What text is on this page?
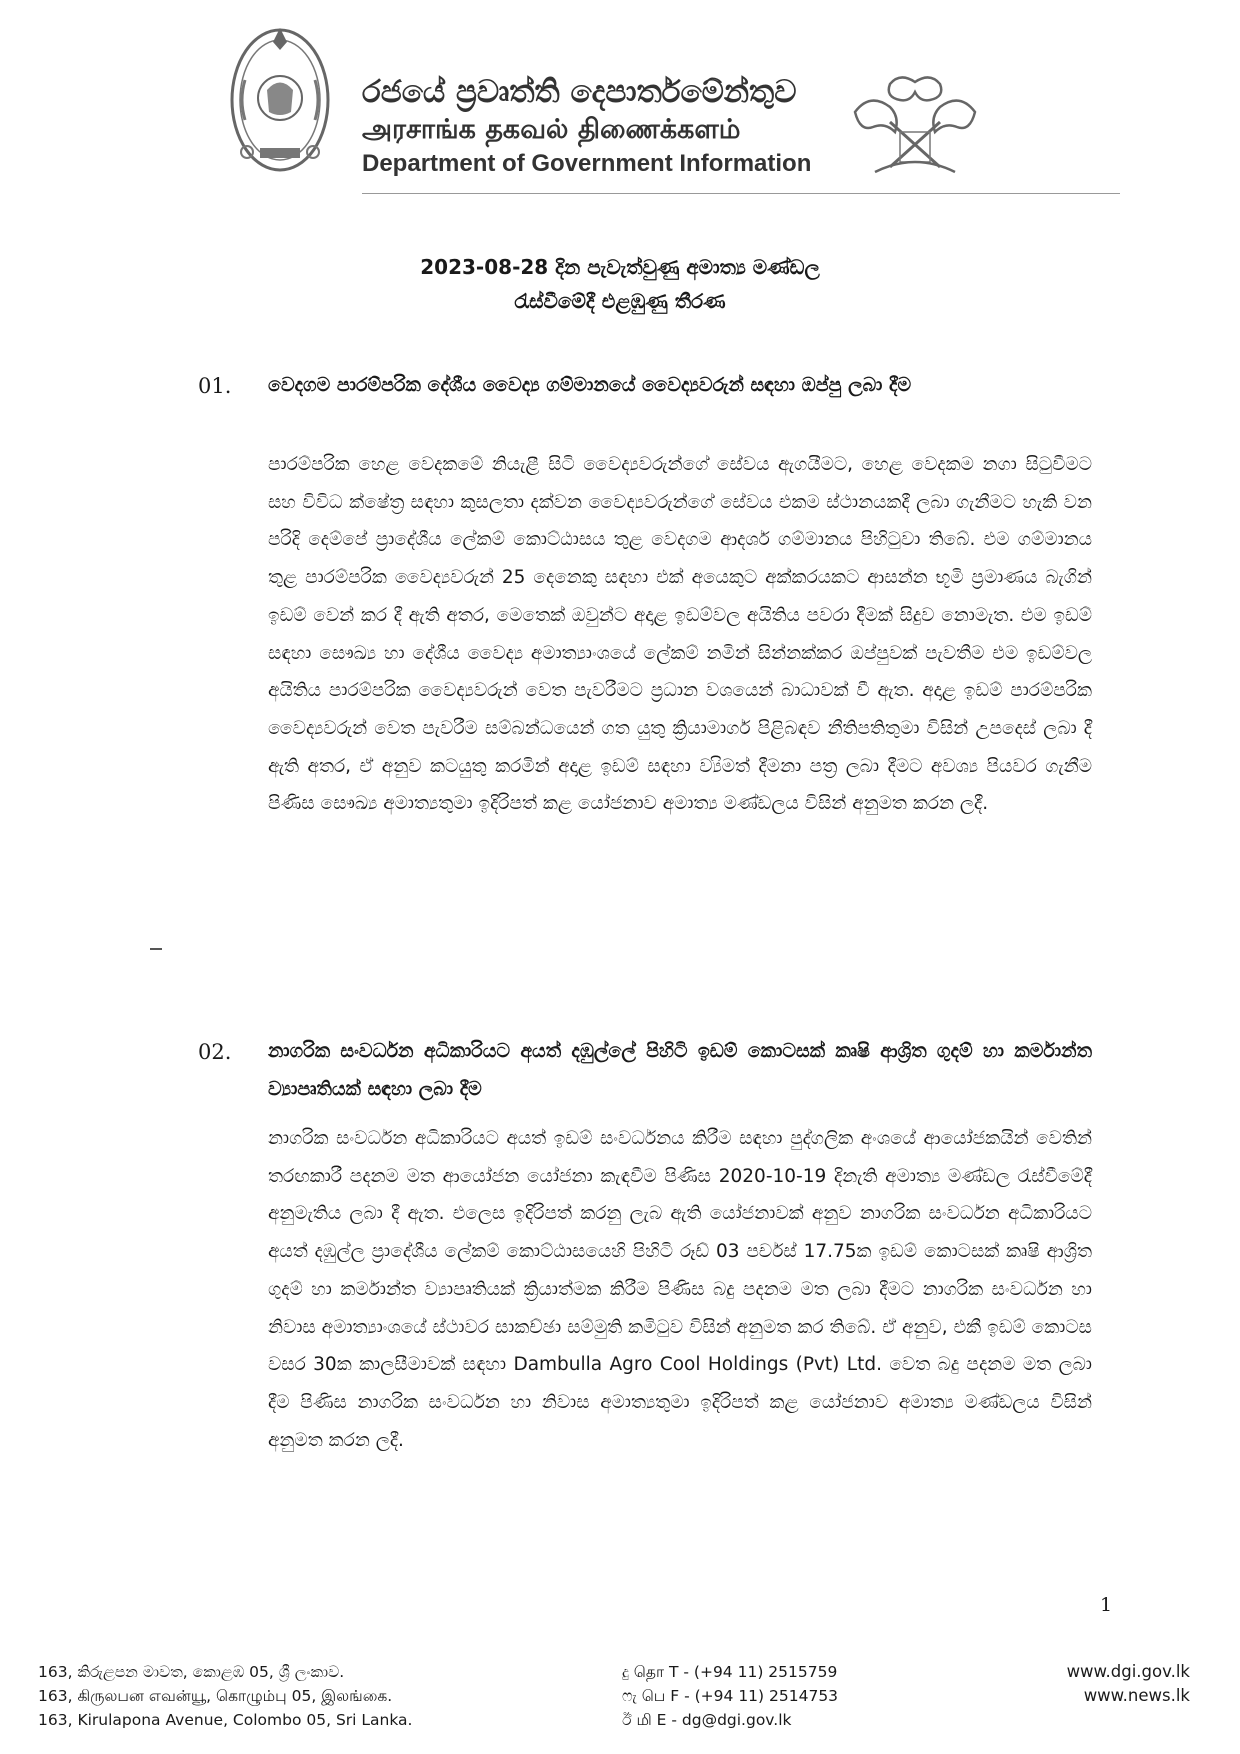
රජයේ ප්‍රවෘත්ති දෙපාර්තමේන්තුව
அரசாங்க தகவல் திணைக்களம்
Department of Government Information
2023-08-28 දින පැවැත්වුණු අමාත්‍ය මණ්ඩල
රැස්වීමේදී එළඹුණු තීරණ
01. වෙදගම පාරම්පරික දේශීය වෛද්‍ය ගම්මානයේ වෛද්‍යවරුන් සඳහා ඔප්පු ලබා දීම
පාරම්පරික හෙළ වෙදකමේ නියැළී සිටි වෛද්‍යවරුන්ගේ සේවය ඇගයීමට, හෙළ වෙදකම නගා සිටුවීමට සහ විවිධ ක්ෂේත්‍ර සඳහා කුසලතා දක්වන වෛද්‍යවරුන්ගේ සේවය එකම ස්ථානයකදී ලබා ගැනීමට හැකි වන පරිදි දෙම්පේ ප්‍රාදේශීය ලේකම් කොට්ඨාසය තුළ වෙදගම ආදර්ශ ගම්මානය පිහිටුවා තිබේ. එම ගම්මානය තුළ පාරම්පරික වෛද්‍යවරුන් 25 දෙනෙකු සඳහා එක් අයෙකුට අක්කරයකට ආසන්න භූමි ප්‍රමාණය බැගින් ඉඩම් වෙන් කර දී ඇති අතර, මෙතෙක් ඔවුන්ට අදාළ ඉඩම්වල අයිතිය පවරා දීමක් සිදුව නොමැත. එම ඉඩම් සඳහා සෞඛ්‍ය හා දේශීය වෛද්‍ය අමාත්‍යාංශයේ ලේකම් නමින් සින්නක්කර ඔප්පුවක් පැවතීම එම ඉඩම්වල අයිතිය පාරම්පරික වෛද්‍යවරුන් වෙත පැවරීමට ප්‍රධාන වශයෙන් බාධාවක් වී ඇත. අදාළ ඉඩම් පාරම්පරික වෛද්‍යවරුන් වෙත පැවරීම සම්බන්ධයෙන් ගත යුතු ක්‍රියාමාර්ග පිළිබඳව නීතිපතිතුමා විසින් උපදෙස් ලබා දී ඇති අතර, ඒ අනුව කටයුතු කරමින් අදාළ ඉඩම් සඳහා ව්‍යිමත් දීමනා පත්‍ර ලබා දීමට අවශ්‍ය පියවර ගැනීම පිණිස සෞඛ්‍ය අමාත්‍යතුමා ඉදිරිපත් කළ යෝජනාව අමාත්‍ය මණ්ඩලය විසින් අනුමත කරන ලදී.
02. නාගරික සංවර්ධන අධිකාරියට අයත් දඹුල්ලේ පිහිටි ඉඩම් කොටසක් කෘෂි ආශ්‍රිත ගුදම් හා කර්මාන්ත ව්‍යාපෘතියක් සඳහා ලබා දීම
නාගරික සංවර්ධන අධිකාරියට අයත් ඉඩම් සංවර්ධනය කිරීම සඳහා පුද්ගලික අංශයේ ආයෝජකයින් වෙතින් තරඟකාරී පදනම මත ආයෝජන යෝජනා කැඳවීම පිණිස 2020-10-19 දිනැති අමාත්‍ය මණ්ඩල රැස්වීමේදී අනුමැතිය ලබා දී ඇත. එලෙස ඉදිරිපත් කරනු ලැබ ඇති යෝජනාවක් අනුව නාගරික සංවර්ධන අධිකාරියට අයත් දඹුල්ල ප්‍රාදේශීය ලේකම් කොට්ඨාසයෙහි පිහිටි රූඩ් 03 පර්චස් 17.75ක ඉඩම් කොටසක් කෘෂි ආශ්‍රිත ගුදම් හා කර්මාන්ත ව්‍යාපෘතියක් ක්‍රියාත්මක කිරීම පිණිස බදු පදනම මත ලබා දීමට නාගරික සංවර්ධන හා නිවාස අමාත්‍යාංශයේ ස්ථාවර සාකච්ඡා සම්මුති කමිටුව විසින් අනුමත කර තිබේ. ඒ අනුව, එකී ඉඩම් කොටස වසර 30ක කාලසීමාවක් සඳහා Dambulla Agro Cool Holdings (Pvt) Ltd. වෙත බදු පදනම මත ලබා දීම පිණිස නාගරික සංවර්ධන හා නිවාස අමාත්‍යතුමා ඉදිරිපත් කළ යෝජනාව අමාත්‍ය මණ්ඩලය විසින් අනුමත කරන ලදී.
1
163, කිරුළපන මාවත, කොළඹ 05, ශ්‍රී ලංකාව.
163, கிருலபன எவன்யூ, கொழும்பு 05, இலங்கை.
163, Kirulapona Avenue, Colombo 05, Sri Lanka.
දු தொ T - (+94 11) 2515759
ෆැ பெ F - (+94 11) 2514753
ඊ மி E - dg@dgi.gov.lk
www.dgi.gov.lk
www.news.lk
